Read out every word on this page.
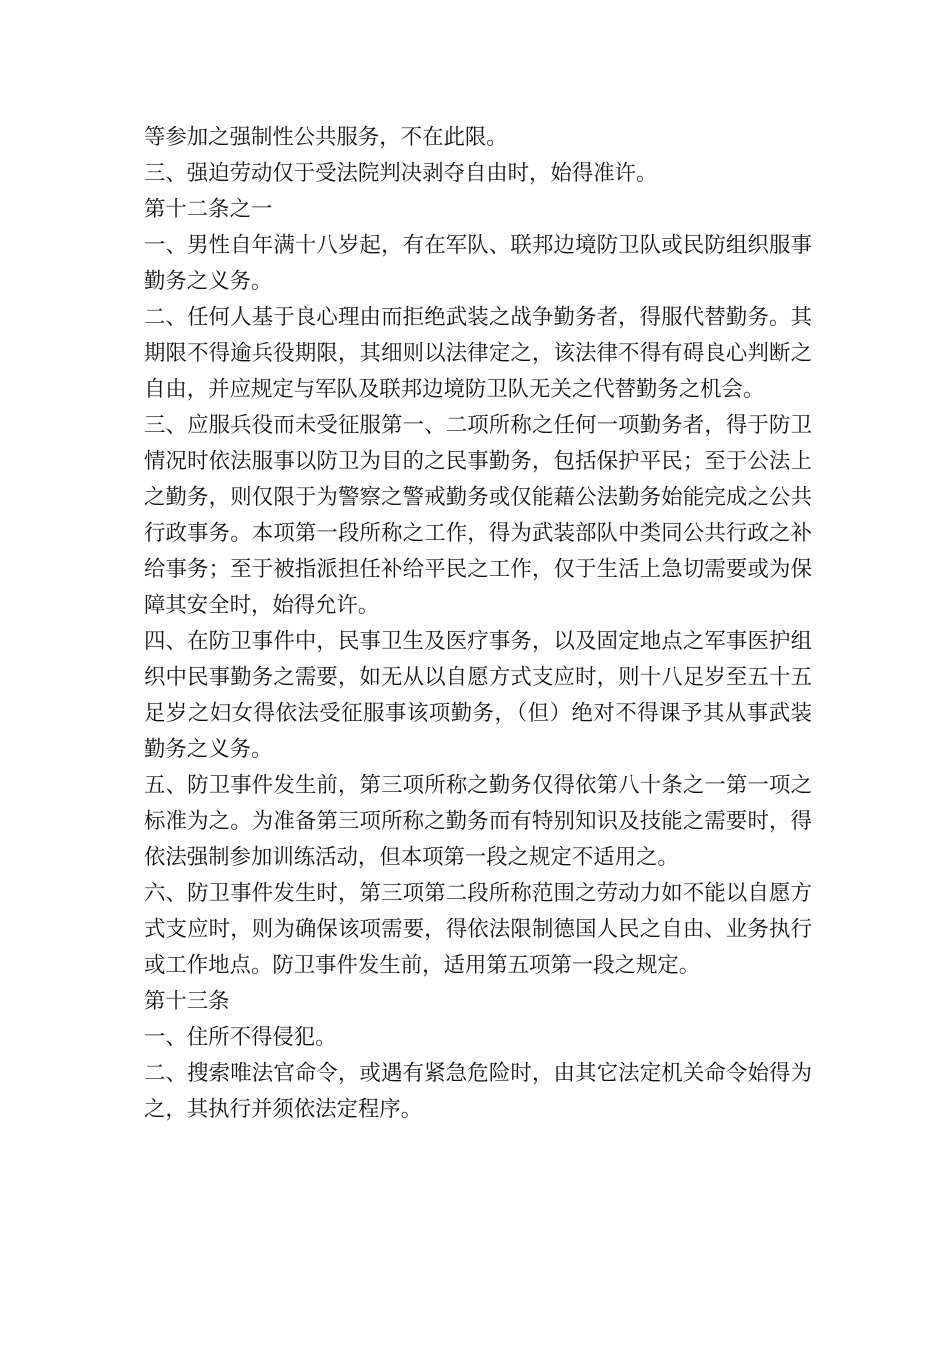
等参加之强制性公共服务，不在此限。

三、强迫劳动仅于受法院判决剥夺自由时，始得准许。

第十二条之一

一、男性自年满十八岁起，有在军队、联邦边境防卫队或民防组织服事勤务之义务。

二、任何人基于良心理由而拒绝武装之战争勤务者，得服代替勤务。其期限不得逾兵役期限，其细则以法律定之，该法律不得有碍良心判断之自由，并应规定与军队及联邦边境防卫队无关之代替勤务之机会。

三、应服兵役而未受征服第一、二项所称之任何一项勤务者，得于防卫情况时依法服事以防卫为目的之民事勤务，包括保护平民；至于公法上之勤务，则仅限于为警察之警戒勤务或仅能藉公法勤务始能完成之公共行政事务。本项第一段所称之工作，得为武装部队中类同公共行政之补给事务；至于被指派担任补给平民之工作，仅于生活上急切需要或为保障其安全时，始得允许。

四、在防卫事件中，民事卫生及医疗事务，以及固定地点之军事医护组织中民事勤务之需要，如无从以自愿方式支应时，则十八足岁至五十五足岁之妇女得依法受征服事该项勤务，（但）绝对不得课予其从事武装勤务之义务。

五、防卫事件发生前，第三项所称之勤务仅得依第八十条之一第一项之标准为之。为准备第三项所称之勤务而有特别知识及技能之需要时，得依法强制参加训练活动，但本项第一段之规定不适用之。

六、防卫事件发生时，第三项第二段所称范围之劳动力如不能以自愿方式支应时，则为确保该项需要，得依法限制德国人民之自由、业务执行或工作地点。防卫事件发生前，适用第五项第一段之规定。

第十三条

一、住所不得侵犯。

二、搜索唯法官命令，或遇有紧急危险时，由其它法定机关命令始得为之，其执行并须依法定程序。
